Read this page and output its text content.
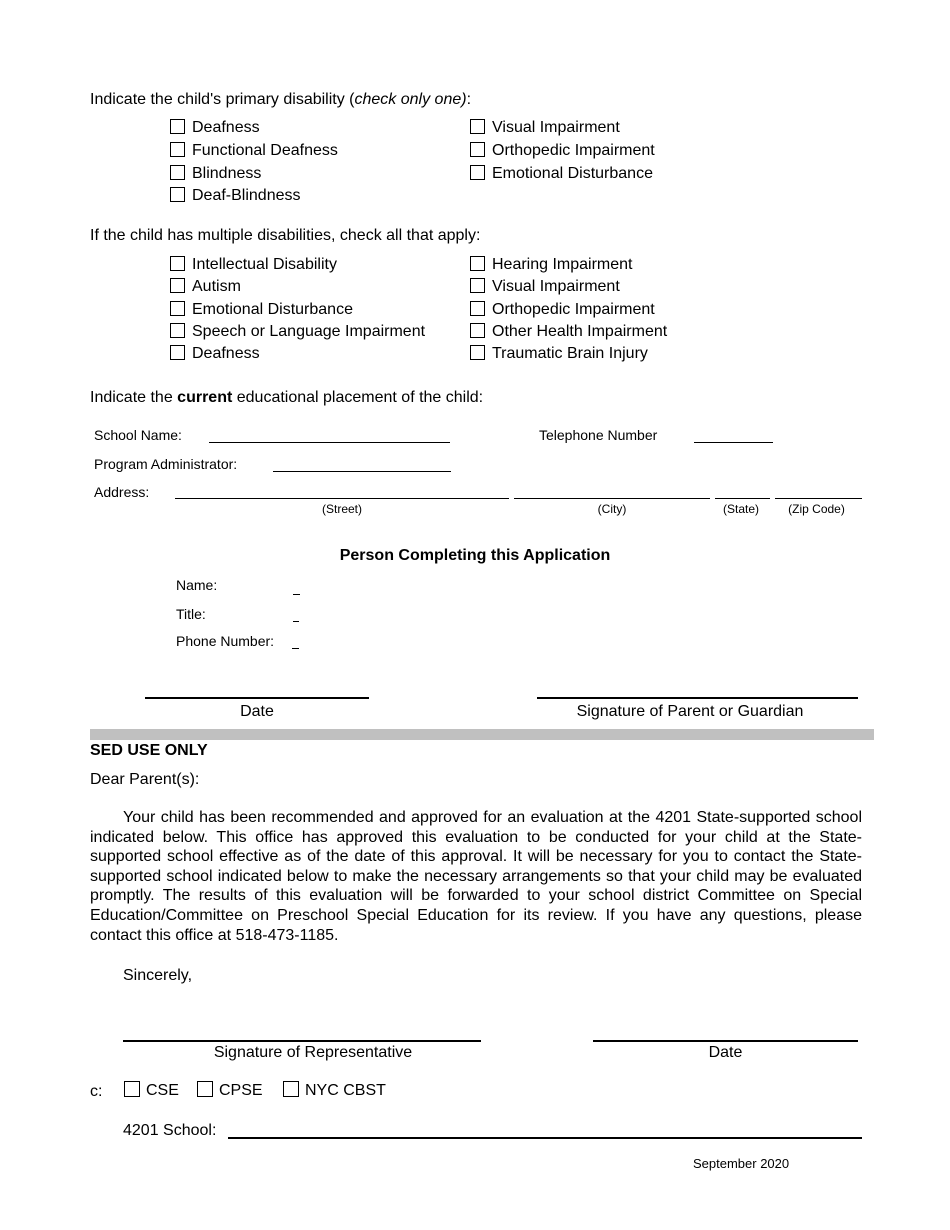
Indicate the child's primary disability (check only one):
Deafness
Functional Deafness
Blindness
Deaf-Blindness
Visual Impairment
Orthopedic Impairment
Emotional Disturbance
If the child has multiple disabilities, check all that apply:
Intellectual Disability
Autism
Emotional Disturbance
Speech or Language Impairment
Deafness
Hearing Impairment
Visual Impairment
Orthopedic Impairment
Other Health Impairment
Traumatic Brain Injury
Indicate the current educational placement of the child:
School Name:	Telephone Number
Program Administrator:
Address:
(Street)	(City)	(State)	(Zip Code)
Person Completing this Application
Name:
Title:
Phone Number:
Date	Signature of Parent or Guardian
SED USE ONLY
Dear Parent(s):
Your child has been recommended and approved for an evaluation at the 4201 State-supported school indicated below. This office has approved this evaluation to be conducted for your child at the State-supported school effective as of the date of this approval. It will be necessary for you to contact the State-supported school indicated below to make the necessary arrangements so that your child may be evaluated promptly. The results of this evaluation will be forwarded to your school district Committee on Special Education/Committee on Preschool Special Education for its review. If you have any questions, please contact this office at 518-473-1185.
Sincerely,
Signature of Representative	Date
c:	CSE	CPSE	NYC CBST
4201 School:
September 2020
